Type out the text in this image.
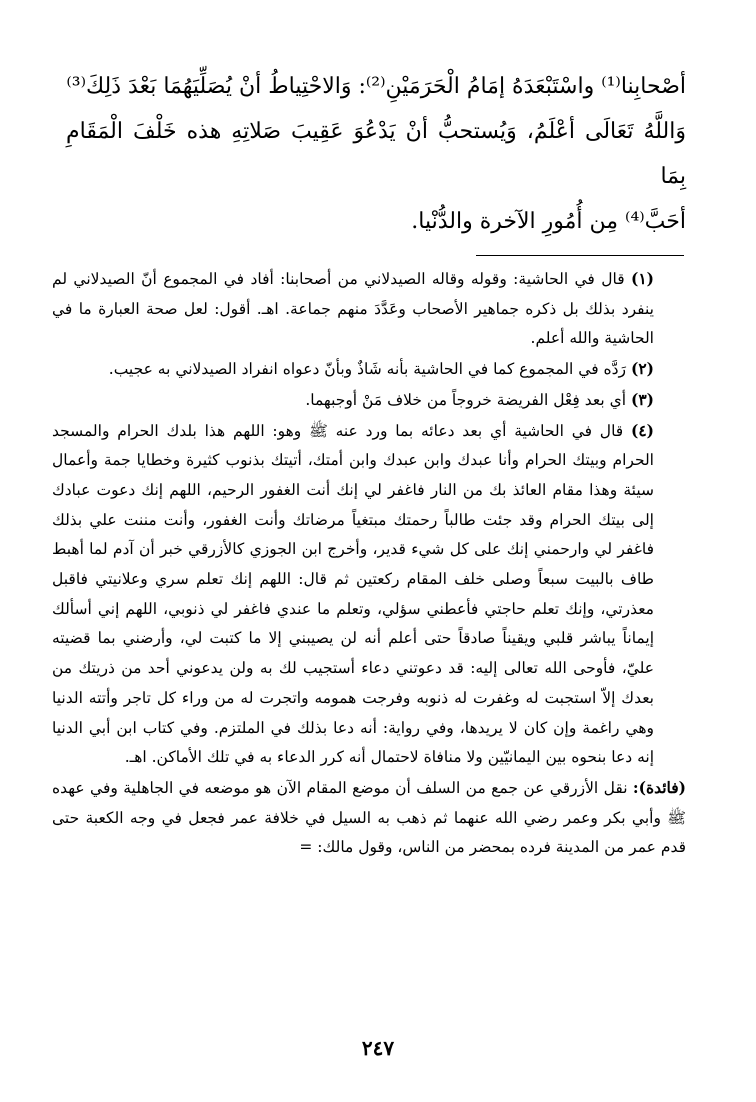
أصْحابِنا⁽¹⁾ واسْتَبْعَدَهُ إمَامُ الْحَرَمَيْنِ⁽²⁾: وَالاحْتِياطُ أنْ يُصَلِّيَهُمَا بَعْدَ ذَلِكَ⁽³⁾
وَاللَّهُ تَعَالَى أعْلَمُ، وَيُستحبُّ أنْ يَدْعُوَ عَقِيبَ صَلاتِهِ هذه خَلْفَ الْمَقَامِ بِمَا
أحَبَّ⁽⁴⁾ مِن أُمُورِ الآخرة والدُّنْيا.

(١) قال في الحاشية: وقوله وقاله الصيدلاني من أصحابنا: أفاد في المجموع أنّ الصيدلاني لم ينفرد بذلك بل ذكره جماهير الأصحاب وعَدَّدَ منهم جماعة. اهـ. أقول: لعل صحة العبارة ما في الحاشية والله أعلم.

(٢) رَدَّه في المجموع كما في الحاشية بأنه شَاذٌ وبأنّ دعواه انفراد الصيدلاني به عجيب.

(٣) أي بعد فِعْل الفريضة خروجاً من خلاف مَنْ أوجبهما.

(٤) قال في الحاشية أي بعد دعائه بما ورد عنه ﷺ وهو: اللهم هذا بلدك الحرام والمسجد الحرام وبيتك الحرام وأنا عبدك وابن عبدك وابن أمتك، أتيتك بذنوب كثيرة وخطايا جمة وأعمال سيئة وهذا مقام العائذ بك من النار فاغفر لي إنك أنت الغفور الرحيم، اللهم إنك دعوت عبادك إلى بيتك الحرام وقد جئت طالباً رحمتك مبتغياً مرضاتك وأنت الغفور، وأنت مننت علي بذلك فاغفر لي وارحمني إنك على كل شيء قدير، وأخرج ابن الجوزي كالأزرقي خبر أن آدم لما أهبط طاف بالبيت سبعاً وصلى خلف المقام ركعتين ثم قال: اللهم إنك تعلم سري وعلانيتي فاقبل معذرتي، وإنك تعلم حاجتي فأعطني سؤلي، وتعلم ما عندي فاغفر لي ذنوبي، اللهم إني أسألك إيماناً يباشر قلبي ويقيناً صادقاً حتى أعلم أنه لن يصيبني إلا ما كتبت لي، وأرضني بما قضيته عليّ، فأوحى الله تعالى إليه: قد دعوتني دعاء أستجيب لك به ولن يدعوني أحد من ذريتك من بعدك إلاّ استجبت له وغفرت له ذنوبه وفرجت همومه واتجرت له من وراء كل تاجر وأتته الدنيا وهي راغمة وإن كان لا يريدها، وفي رواية: أنه دعا بذلك في الملتزم. وفي كتاب ابن أبي الدنيا إنه دعا بنحوه بين اليمانيّين ولا منافاة لاحتمال أنه كرر الدعاء به في تلك الأماكن. اهـ.

(فائدة): نقل الأزرقي عن جمع من السلف أن موضع المقام الآن هو موضعه في الجاهلية وفي عهده ﷺ وأبي بكر وعمر رضي الله عنهما ثم ذهب به السيل في خلافة عمر فجعل في وجه الكعبة حتى قدم عمر من المدينة فرده بمحضر من الناس، وقول مالك: =

٢٤٧
